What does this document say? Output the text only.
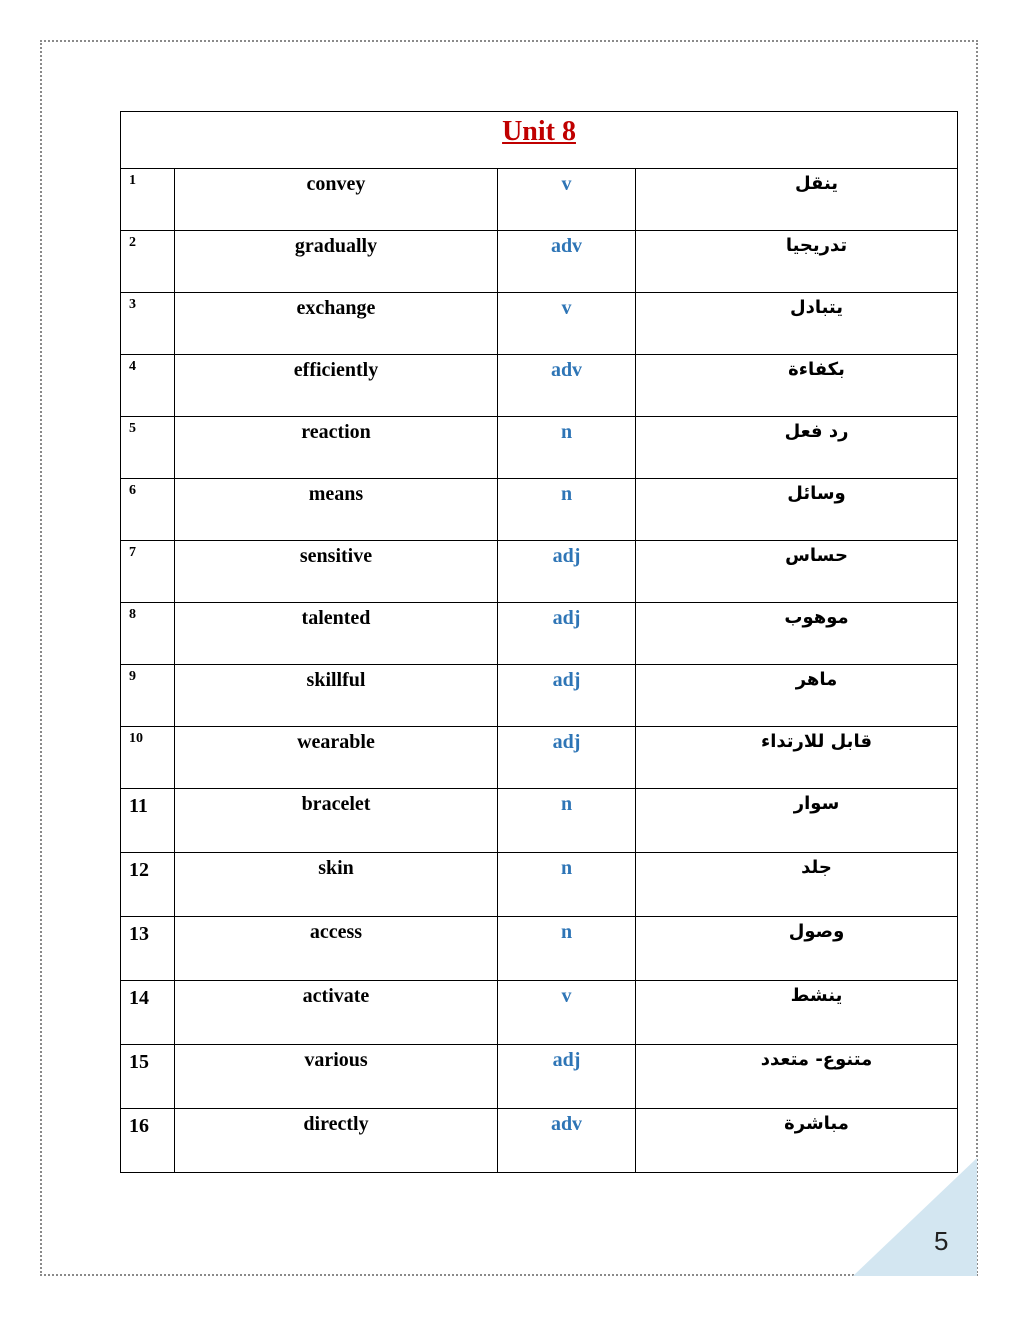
Unit 8			
1	convey	v	ينقل
2	gradually	adv	تدريجيا
3	exchange	v	يتبادل
4	efficiently	adv	بكفاءة
5	reaction	n	رد فعل
6	means	n	وسائل
7	sensitive	adj	حساس
8	talented	adj	موهوب
9	skillful	adj	ماهر
10	wearable	adj	قابل للارتداء
11	bracelet	n	سوار
12	skin	n	جلد
13	access	n	وصول
14	activate	v	ينشط
15	various	adj	متنوع- متعدد
16	directly	adv	مباشرة
5
